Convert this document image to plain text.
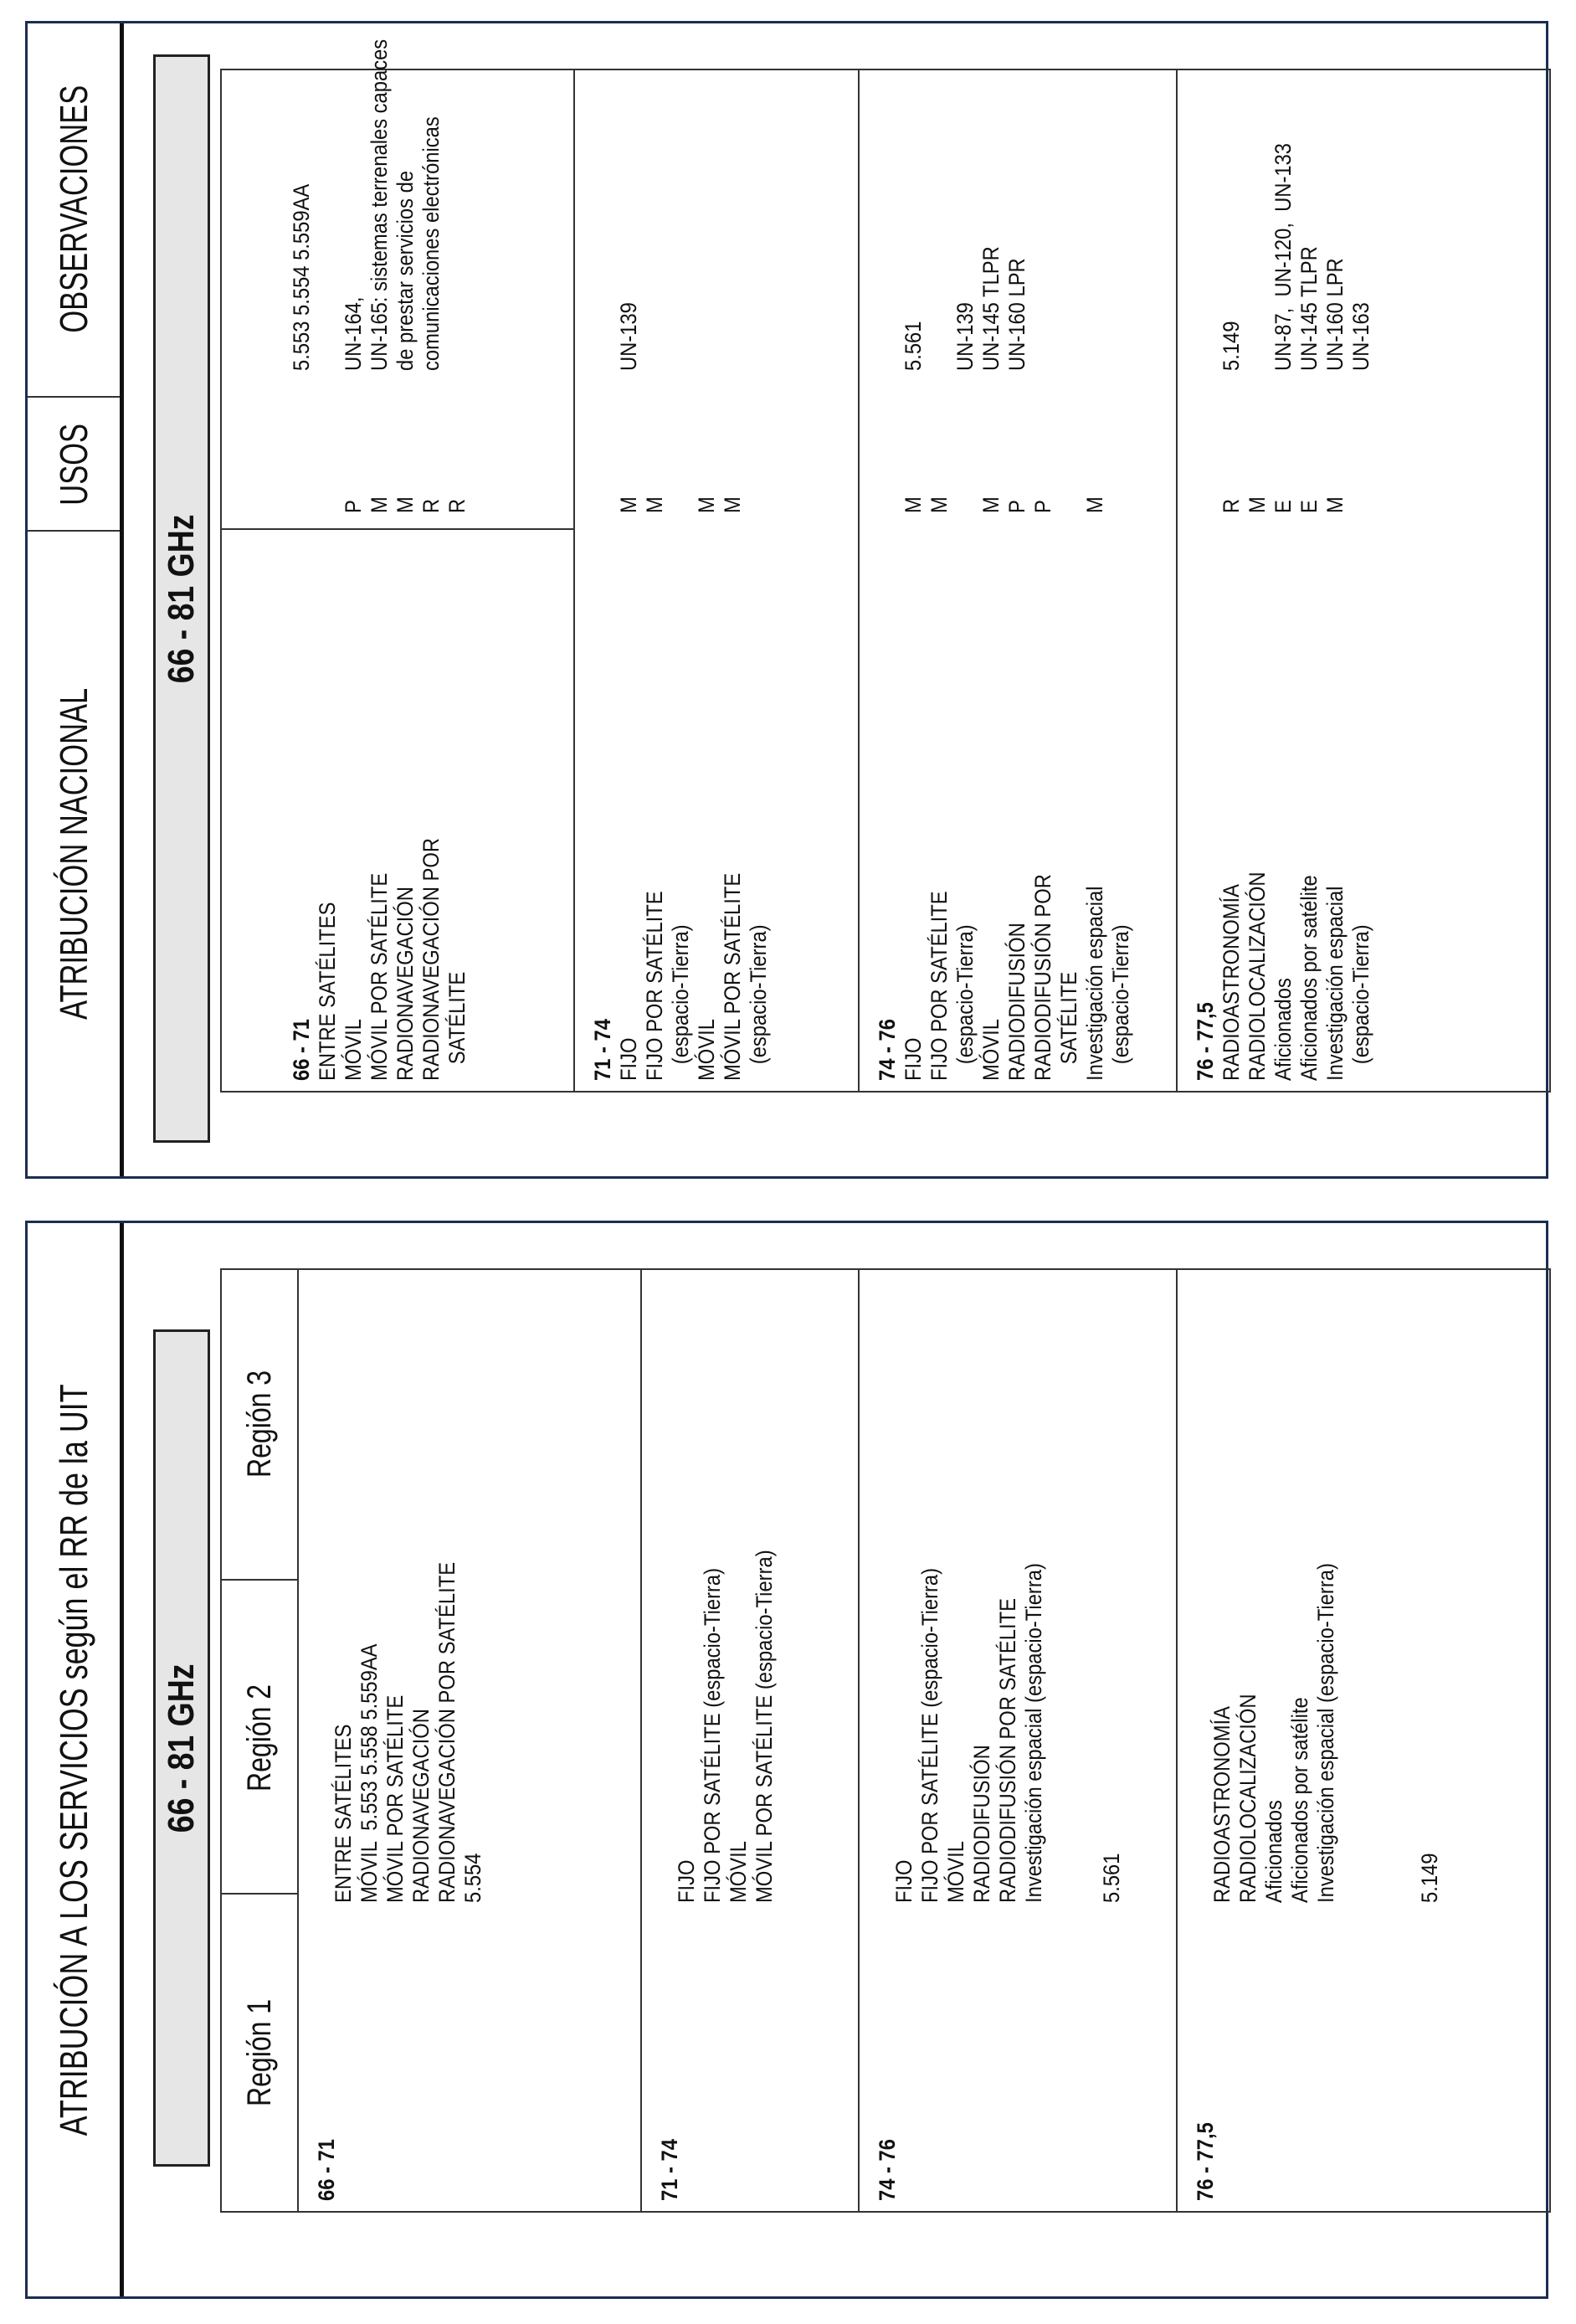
ATRIBUCIÓN A LOS SERVICIOS según el RR de la UIT 66 - 81 GHz
Región 1
Región 2
Región 3
66 - 71
ENTRE SATÉLITES
MÓVIL  5.553 5.558 5.559AA
MÓVIL POR SATÉLITE
RADIONAVEGACIÓN
RADIONAVEGACIÓN POR SATÉLITE
5.554
71 - 74
FIJO
FIJO POR SATÉLITE (espacio-Tierra)
MÓVIL
MÓVIL POR SATÉLITE (espacio-Tierra)
74 - 76
FIJO
FIJO POR SATÉLITE (espacio-Tierra)
MÓVIL
RADIODIFUSIÓN
RADIODIFUSIÓN POR SATÉLITE
Investigación espacial (espacio-Tierra)

5.561
76 - 77,5
RADIOASTRONOMÍA
RADIOLOCALIZACIÓN
Aficionados
Aficionados por satélite
Investigación espacial (espacio-Tierra)

5.149
ATRIBUCIÓN NACIONAL
USOS
OBSERVACIONES
66 - 81 GHz
66 - 71
ENTRE SATÉLITES
MÓVIL
MÓVIL POR SATÉLITE
RADIONAVEGACIÓN
RADIONAVEGACIÓN POR
SATÉLITE
P
M
M
R
R
5.553 5.554 5.559AA

UN-164,
UN-165: sistemas terrenales capaces
de prestar servicios de
comunicaciones electrónicas
71 - 74
FIJO
FIJO POR SATÉLITE
(espacio-Tierra)
MÓVIL
MÓVIL POR SATÉLITE
(espacio-Tierra)
M
M

M
M
UN-139
74 - 76
FIJO
FIJO POR SATÉLITE
(espacio-Tierra)
MÓVIL
RADIODIFUSIÓN
RADIODIFUSIÓN POR
SATÉLITE
Investigación espacial
(espacio-Tierra)
M
M

M
P
P

M
5.561

UN-139
UN-145 TLPR
UN-160 LPR
76 - 77,5
RADIOASTRONOMÍA
RADIOLOCALIZACIÓN
Aficionados
Aficionados por satélite
Investigación espacial
(espacio-Tierra)
R
M
E
E
M
5.149

UN-87,  UN-120,  UN-133
UN-145 TLPR
UN-160 LPR
UN-163
